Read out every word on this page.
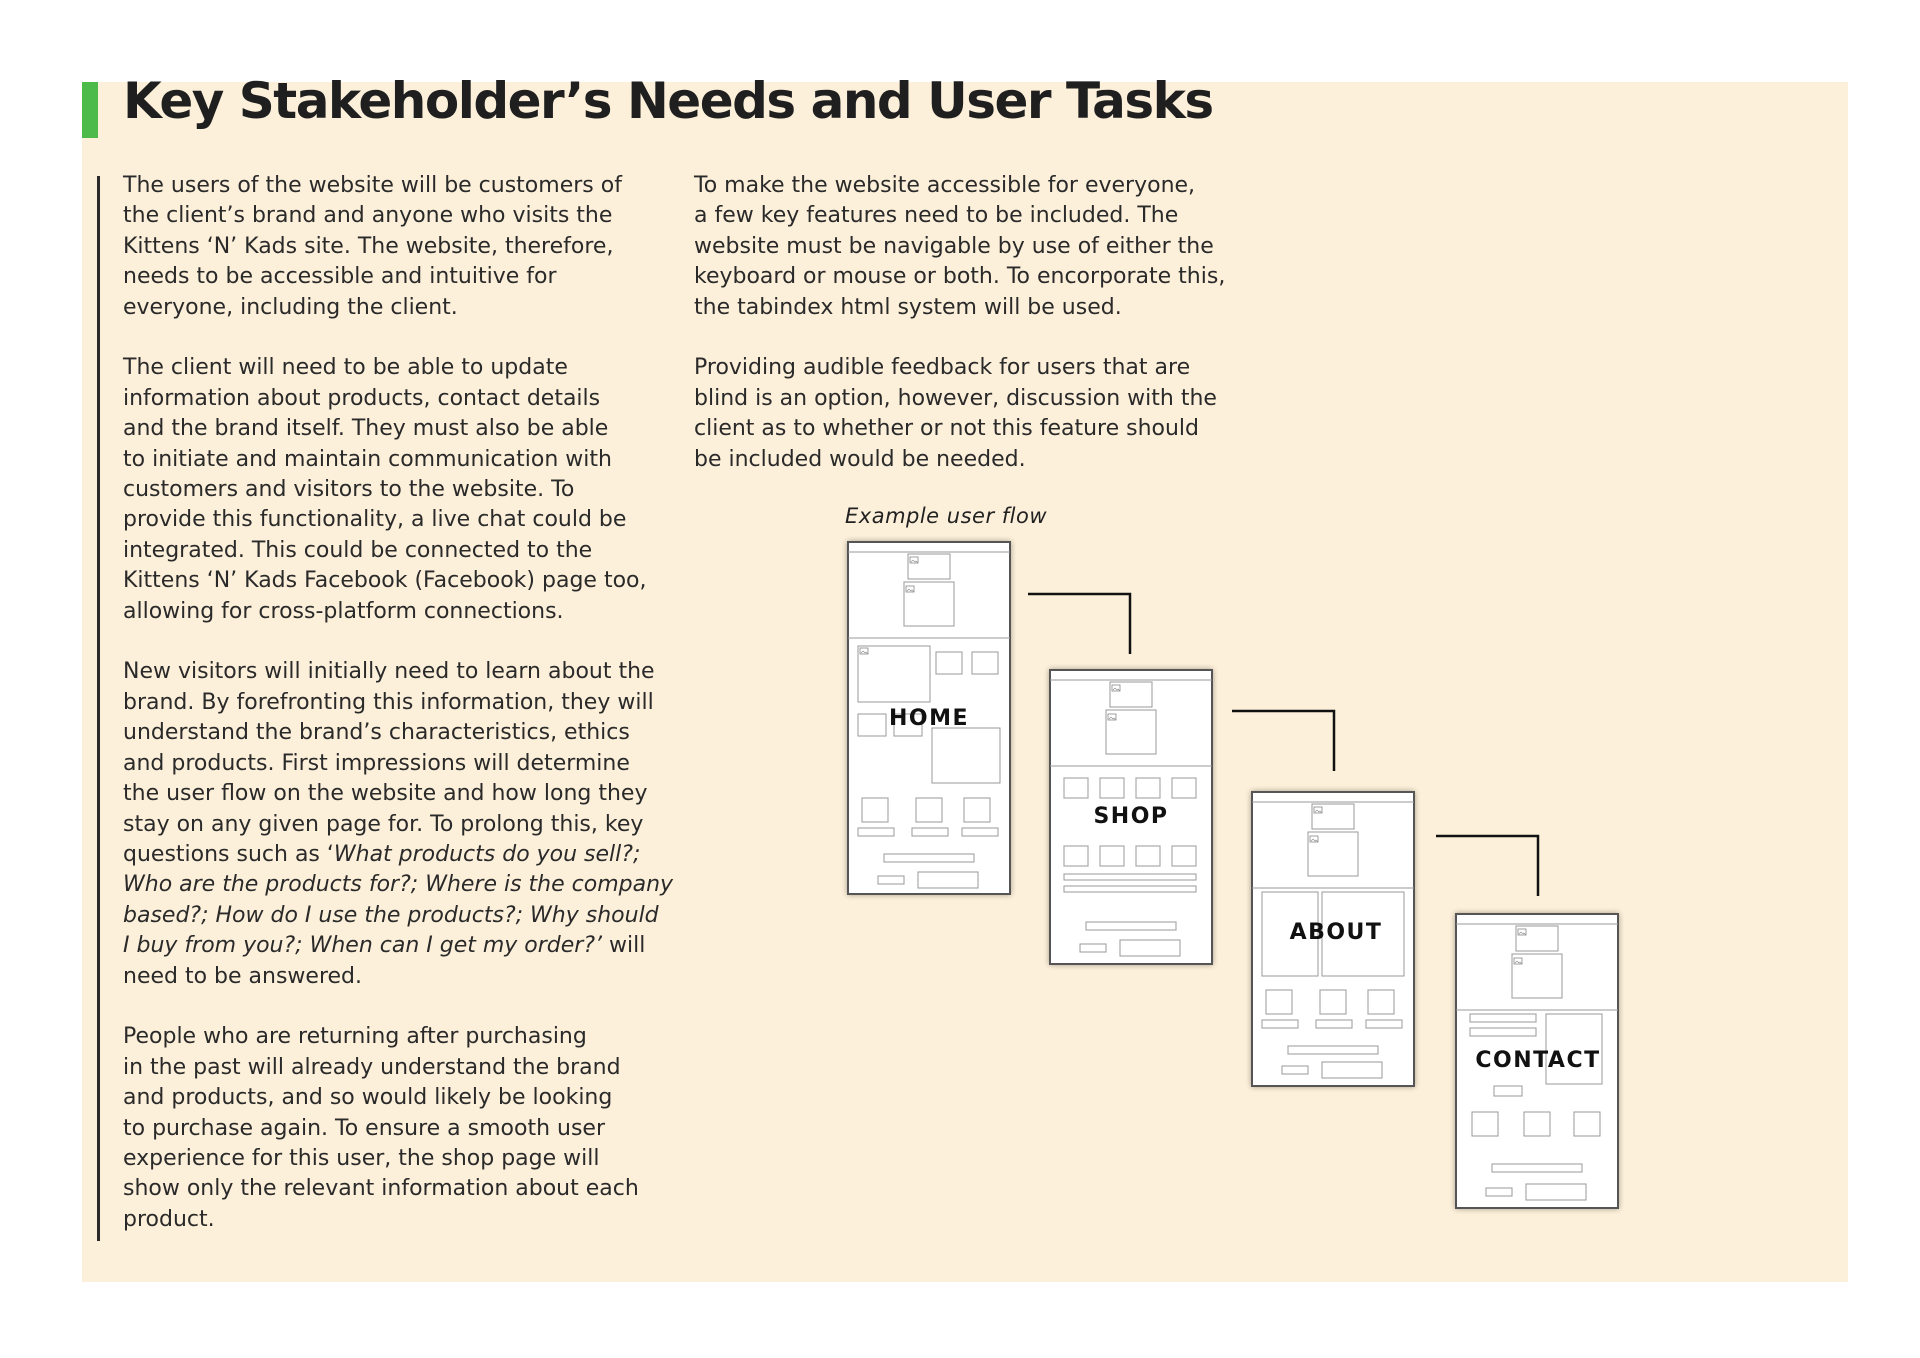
Key Stakeholder’s Needs and User Tasks

The users of the website will be customers of
the client’s brand and anyone who visits the
Kittens ‘N’ Kads site. The website, therefore,
needs to be accessible and intuitive for
everyone, including the client.

The client will need to be able to update
information about products, contact details
and the brand itself. They must also be able
to initiate and maintain communication with
customers and visitors to the website. To
provide this functionality, a live chat could be
integrated. This could be connected to the
Kittens ‘N’ Kads Facebook (Facebook) page too,
allowing for cross-platform connections.

New visitors will initially need to learn about the
brand. By forefronting this information, they will
understand the brand’s characteristics, ethics
and products. First impressions will determine
the user flow on the website and how long they
stay on any given page for. To prolong this, key
questions such as ‘What products do you sell?;
Who are the products for?; Where is the company
based?; How do I use the products?; Why should
I buy from you?; When can I get my order?’ will
need to be answered.

People who are returning after purchasing
in the past will already understand the brand
and products, and so would likely be looking
to purchase again. To ensure a smooth user
experience for this user, the shop page will
show only the relevant information about each
product.

To make the website accessible for everyone,
a few key features need to be included. The
website must be navigable by use of either the
keyboard or mouse or both. To encorporate this,
the tabindex html system will be used.

Providing audible feedback for users that are
blind is an option, however, discussion with the
client as to whether or not this feature should
be included would be needed.

Example user flow
HOME
SHOP
ABOUT
CONTACT
